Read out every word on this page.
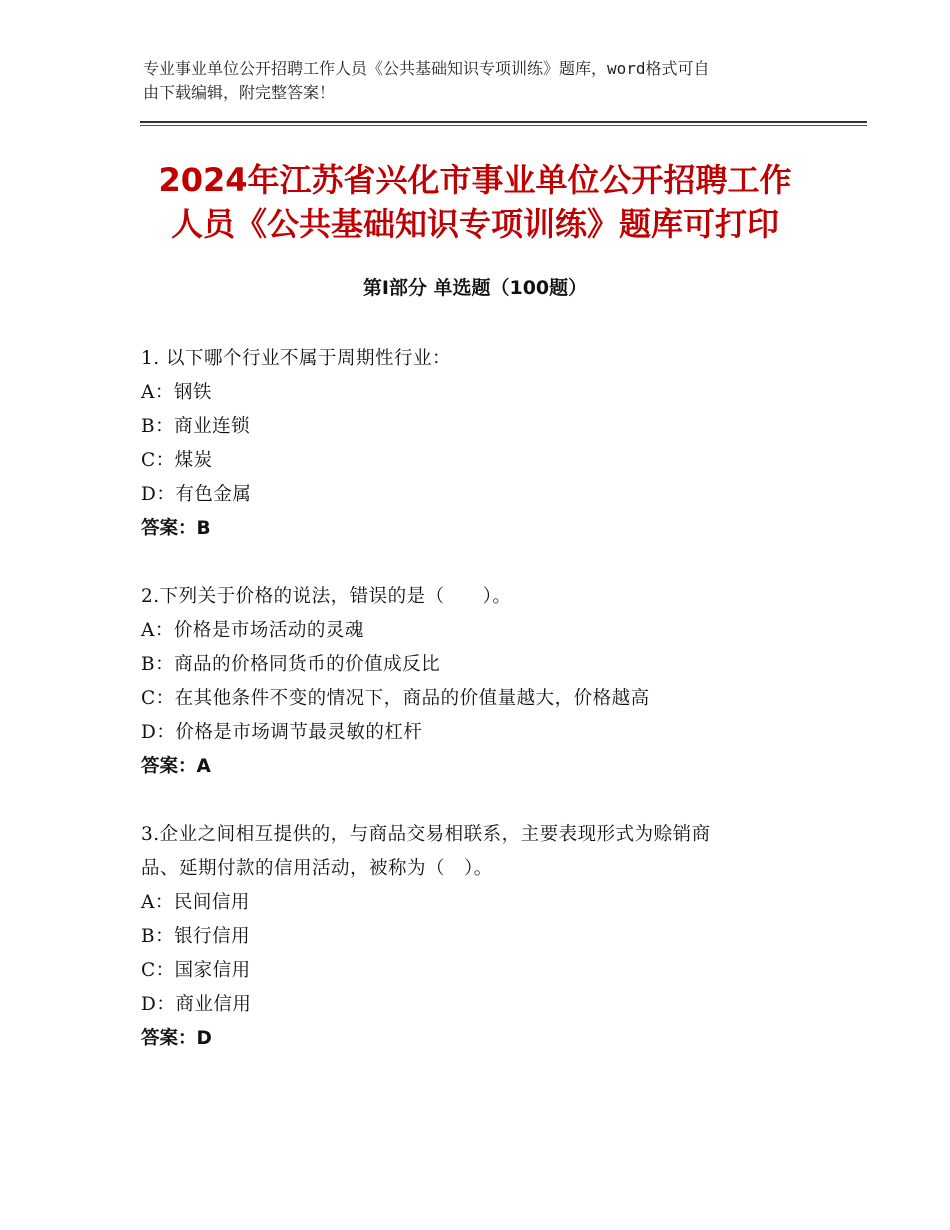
专业事业单位公开招聘工作人员《公共基础知识专项训练》题库，word格式可自
由下载编辑，附完整答案！
2024年江苏省兴化市事业单位公开招聘工作
人员《公共基础知识专项训练》题库可打印
第Ⅰ部分 单选题（100题）
1. 以下哪个行业不属于周期性行业：
A：钢铁
B：商业连锁
C：煤炭
D：有色金属
答案：B
2.下列关于价格的说法，错误的是（　　）。
A：价格是市场活动的灵魂
B：商品的价格同货币的价值成反比
C：在其他条件不变的情况下，商品的价值量越大，价格越高
D：价格是市场调节最灵敏的杠杆
答案：A
3.企业之间相互提供的，与商品交易相联系，主要表现形式为赊销商
品、延期付款的信用活动，被称为（　）。
A：民间信用
B：银行信用
C：国家信用
D：商业信用
答案：D
